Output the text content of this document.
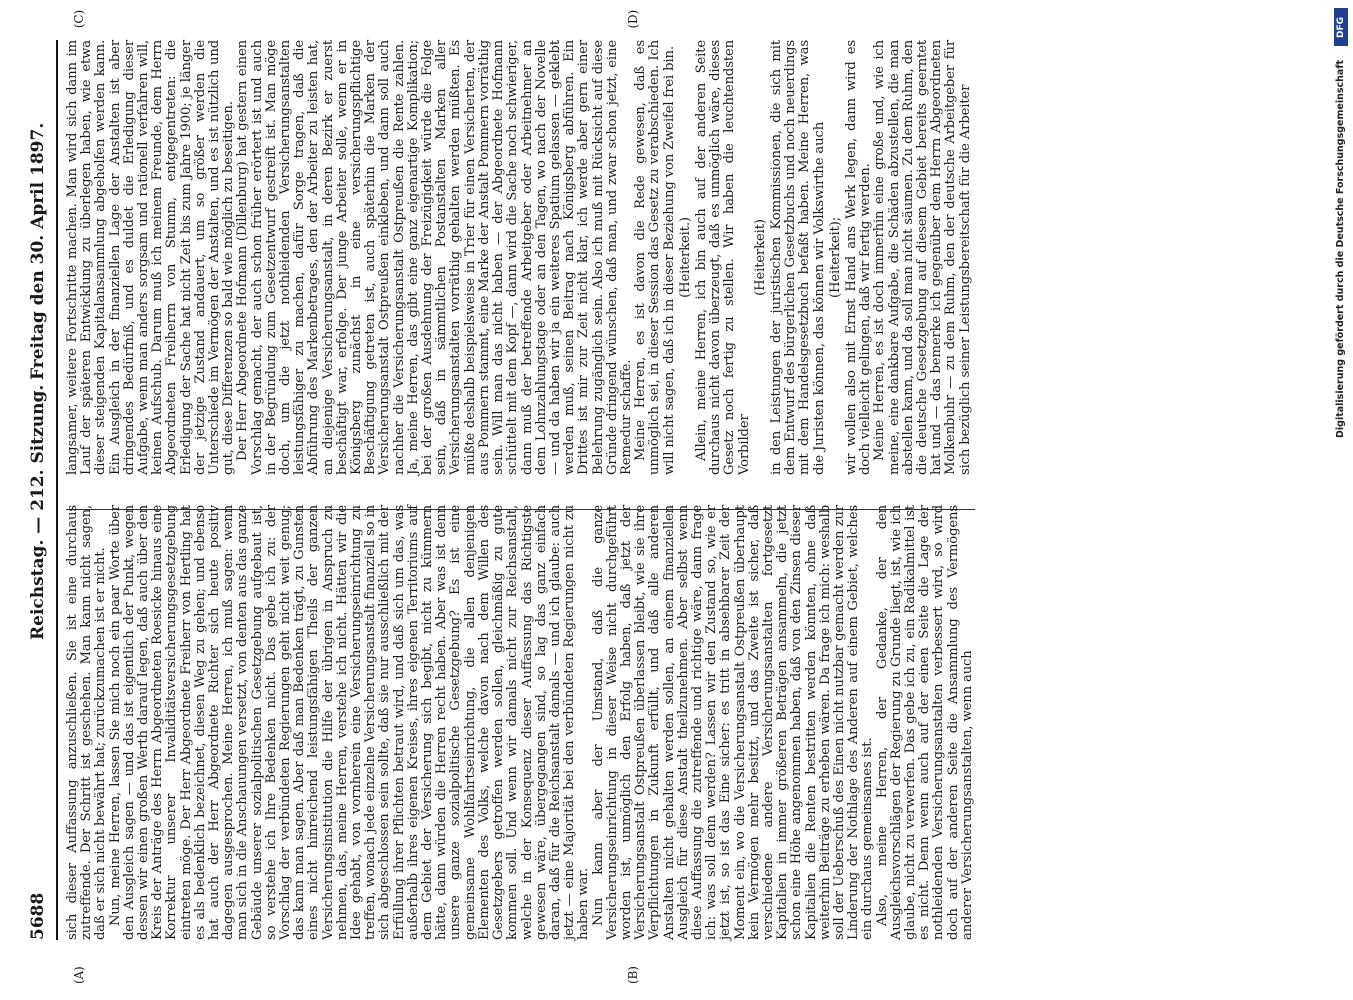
5688
Reichstag. — 212. Sitzung.
Freitag den 30. April 1897.
(A)	(B)

sich dieser Auffassung anzuschließen. Sie ist eine durchaus zutreffende. Der Schritt ist geschehen. Man kann nicht sagen, daß er sich nicht bewährt hat; zurückzumachen ist er nicht. Nun, meine Herren, lassen Sie mich noch ein paar Worte über den Ausgleich sagen — und das ist eigentlich der Punkt, wegen dessen wir einen großen Werth darauf legen, daß auch über den Kreis der Anträge des Herrn Abgeordneten Roesicke hinaus eine Korrektur unserer Invaliditätsversicherungsgesetzgebung eintreten möge. Der Herr Abgeordnete Freiherr von Hertling hat es als bedenklich bezeichnet, diesen Weg zu gehen; und ebenso hat auch der Herr Abgeordnete Richter sich heute positiv dagegen ausgesprochen. Meine Herren, ich muß sagen: wenn man sich in die Anschauungen versetzt, von denten aus das ganze Gebäude unserer sozialpolitischen Gesetzgebung aufgebaut ist, so verstehe ich Ihre Bedenken nicht. Das gebe ich zu: der Vorschlag der verbündeten Regierungen geht nicht weit genug; das kann man sagen. Aber daß man Bedenken trägt, zu Gunsten eines nicht hinreichend leistungsfähigen Theils der ganzen Versicherungsinstitution die Hilfe der übrigen in Anspruch zu nehmen, das, meine Herren, verstehe ich nicht. Hätten wir die Idee gehabt, von vornherein eine Versicherungseinrichtung zu treffen, wonach jede einzelne Versicherungsanstalt finanziell so in sich abgeschlossen sein sollte, daß sie nur ausschließlich mit der Erfüllung ihrer Pflichten betraut wird, und daß sich um das, was außerhalb ihres eigenen Kreises, ihres eigenen Territoriums auf dem Gebiet der Versicherung sich begibt, nicht zu kümmern hätte, dann würden die Herren recht haben. Aber was ist denn unsere ganze sozialpolitische Gesetzgebung? Es ist eine gemeinsame Wohlfahrtseinrichtung, die allen denjenigen Elementen des Volks, welche davon nach dem Willen des Gesetzgebers getroffen werden sollen, gleichmäßig zu gute kommen soll. Und wenn wir damals nicht zur Reichsanstalt, welche in der Konsequenz dieser Auffassung das Richtigste gewesen wäre, übergegangen sind, so lag das ganz einfach daran, daß für die Reichsanstalt damals — und ich glaube: auch jetzt — eine Majorität bei den verbündeten Regierungen nicht zu haben war. Nun kann aber der Umstand, daß die ganze Versicherungseinrichtung in dieser Weise nicht durchgeführt worden ist, unmöglich den Erfolg haben, daß jetzt der Versicherungsanstalt Ostpreußen überlassen bleibt, wie sie ihre Verpflichtungen in Zukunft erfüllt, und daß alle anderen Anstalten nicht gehalten werden sollen, an einem finanziellen Ausgleich für diese Anstalt theilzunehmen. Aber selbst wenn diese Auffassung die zutreffende und richtige wäre, dann frage ich: was soll denn werden? Lassen wir den Zustand so, wie er jetzt ist, so ist das Eine sicher: es tritt in absehbarer Zeit der Moment ein, wo die Versicherungsanstalt Ostpreußen überhaupt kein Vermögen mehr besitzt, und das Zweite ist sicher, daß verschiedene andere Versicherungsanstalten fortgesetzt Kapitalien in immer größeren Beträgen ansammeln, die jetzt schon eine Höhe angenommen haben, daß von den Zinsen dieser Kapitalien die Renten bestritten werden könnten, ohne daß weiterhin Beiträge zu erheben wären. Da frage ich mich: weshalb soll der Ueberschuß des Einen nicht nutzbar gemacht werden zur Linderung der Nothlage des Anderen auf einem Gebiet, welches ein durchaus gemeinsames ist. Also, meine Herren, der Gedanke, der den Ausgleichsvorschlägen der Regierung zu Grunde liegt, ist, wie ich glaube, nicht zu verwerfen. Das gebe ich zu, ein Radikalmittel ist es nicht. Denn wenn auch auf der einen Seite die Lage der nothleidenden Versicherungsanstalten verbessert wird, so wird doch auf der anderen Seite die Ansammlung des Vermögens anderer Versicherungsanstalten, wenn auch

(C)	(D)

langsamer, weitere Fortschritte machen. Man wird sich dann im Lauf der späteren Entwicklung zu überlegen haben, wie etwa dieser steigenden Kapitalansammlung abgeholfen werden kann. Ein Ausgleich in der finanziellen Lage der Anstalten ist aber dringendes Bedürfniß, und es duldet die Erledigung dieser Aufgabe, wenn man anders sorgsam und rationell verfahren will, keinen Aufschub. Darum muß ich meinem Freunde, dem Herrn Abgeordneten Freiherrn von Stumm, entgegentreten: die Erledigung der Sache hat nicht Zeit bis zum Jahre 1900; je länger der jetzige Zustand andauert, um so größer werden die Unterschiede im Vermögen der Anstalten, und es ist nützlich und gut, diese Differenzen so bald wie möglich zu beseitigen. Der Herr Abgeordnete Hofmann (Dillenburg) hat gestern einen Vorschlag gemacht, der auch schon früher erörtert ist und auch in der Begründung zum Gesetzentwurf gestreift ist. Man möge doch, um die jetzt nothleidenden Versicherungsanstalten leistungsfähiger zu machen, dafür Sorge tragen, daß die Abführung des Markenbetrages, den der Arbeiter zu leisten hat, an diejenige Versicherungsanstalt, in deren Bezirk er zuerst beschäftigt war, erfolge. Der junge Arbeiter solle, wenn er in Königsberg zunächst in eine versicherungspflichtige Beschäftigung getreten ist, auch späterhin die Marken der Versicherungsanstalt Ostpreußen einkleben, und dann soll auch nachher die Versicherungsanstalt Ostpreußen die Rente zahlen. Ja, meine Herren, das gibt eine ganz eigenartige Komplikation; bei der großen Ausdehnung der Freizügigkeit würde die Folge sein, daß in sämmtlichen Postanstalten Marken aller Versicherungsanstalten vorräthig gehalten werden müßten. Es müßte deshalb beispielsweise in Trier für einen Versicherten, der aus Pommern stammt, eine Marke der Anstalt Pommern vorräthig sein. Will man das nicht haben — der Abgeordnete Hofmann schüttelt mit dem Kopf —, dann wird die Sache noch schwieriger, dann muß der betreffende Arbeitgeber oder Arbeitnehmer an dem Lohnzahlungstage oder an den Tagen, wo nach der Novelle — und da haben wir ja ein weiteres Spatium gelassen — geklebt werden muß, seinen Beitrag nach Königsberg abführen. Ein Drittes ist mir zur Zeit nicht klar, ich werde aber gern einer Belehrung zugänglich sein. Also ich muß mit Rücksicht auf diese Gründe dringend wünschen, daß man, und zwar schon jetzt, eine Remedur schaffe. Meine Herren, es ist davon die Rede gewesen, daß es unmöglich sei, in dieser Session das Gesetz zu verabschieden. Ich will nicht sagen, daß ich in dieser Beziehung von Zweifel frei bin. (Heiterkeit.) Allein, meine Herren, ich bin auch auf der anderen Seite durchaus nicht davon überzeugt, daß es unmöglich wäre, dieses Gesetz noch fertig zu stellen. Wir haben die leuchtendsten Vorbilder

(Heiterkeit) in den Leistungen der juristischen Kommissionen, die sich mit dem Entwurf des bürgerlichen Gesetzbuchs und noch neuerdings mit dem Handelsgesetzbuch befaßt haben. Meine Herren, was die Juristen können, das können wir Volkswirthe auch (Heiterkeit); wir wollen also mit Ernst Hand ans Werk legen, dann wird es doch vielleicht gelingen, daß wir fertig werden. Meine Herren, es ist doch immerhin eine große und, wie ich meine, eine dankbare Aufgabe, die Schäden abzustellen, die man abstellen kann, und da soll man nicht säumen. Zu dem Ruhm, den die deutsche Gesetzgebung auf diesem Gebiet bereits geerntet hat und — das bemerke ich gegenüber dem Herrn Abgeordneten Molkenbuhr — zu dem Ruhm, den der deutsche Arbeitgeber für sich bezüglich seiner Leistungsbereitschaft für die Arbeiter

DFG
Digitalisierung gefördert durch die Deutsche Forschungsgemeinschaft
